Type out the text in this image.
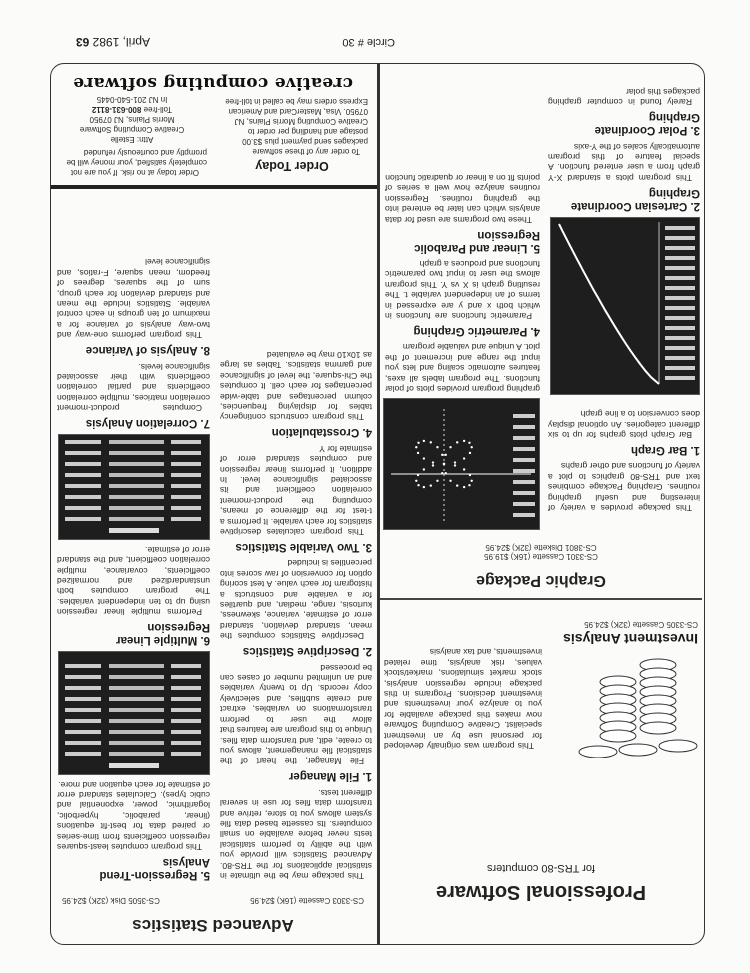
Professional Software
for TRS-80 computers
Investment Analysis
CS-3305 Cassette (32K) $24.95

This program was originally developed for personal use by an investment specialist. Creative Computing Software now makes this package available for you to analyze your investments and investment decisions. Programs in this package include regression analysis, stock market simulations, market/stock values, risk analysis, time related investments, and tax analysis

Graphic Package
CS-3301 Cassette (16K) $19.95
CS-3801 Diskette (32K) $24.95

This package provides a variety of interesting and useful graphing routines. Graphing Package combines text and TRS-80 graphics to plot a variety of functions and other graphs

1. Bar Graph

Bar Graph plots graphs for up to six different categories. An optional display does conversion to a line graph

2. Cartesian Coordinate Graphing

This program plots a standard X-Y graph from a user entered function. A special feature of this program automatically scales of the Y-axis

3. Polar Coordinate Graphing

Rarely found in computer graphing packages this polar

graphing program provides plots of polar functions. The program labels all axes, features automatic scaling and lets you input the range and increment of the plot. A unique and valuable program

4. Parametric Graphing

Parametric functions are functions in which both x and y are expressed in terms of an independent variable t. The resulting graph is X vs Y. This program allows the user to input two parametric functions and produces a graph

5. Linear and Parabolic Regression

These two programs are used for data analysis which can later be entered into the graphing routines. Regression routines analyze how well a series of points fit on a linear or quadratic function

Advanced Statistics
CS-3303 Cassette (16K) $24.95
CS-3505 Disk (32K) $24.95

This package may be the ultimate in statistical applications for the TRS-80. Advanced Statistics will provide you with the ability to perform statistical tests never before available on small computers. Its cassette based data file system allows you to store, retrive and transform data files for use in several different tests.

1. File Manager

File Manager, the heart of the statistical file management, allows you to create, edit, and transform data files. Unique to this program are features that allow the user to perform transformations on variables, extract and create subfiles, and selectively copy records. Up to twenty variables and an unlimited number of cases can be processed

2. Descriptive Statistics

Descriptive Statistics computes the mean, standard deviation, standard error of estimate, variance, skewness, kurtosis, range, median, and quartiles for a variable and constructs a histogram for each value. A test scoring option for conversion of raw scores into percentiles is included

3. Two Variable Statistics

This program calculates descriptive statistics for each variable. It performs a t-test for the difference of means, computing the product-moment correlation coefficient and its associated significance level. In addition, it performs linear regression and computes standard error of estimate for Y

4. Crosstabulation

This program constructs contingency tables for displaying frequencies, column percentages and table-wide percentages for each cell. It computes the Chi-square, the level of significance and gamma statistics. Tables as large as 10x10 may be evaluated

5. Regression-Trend Analysis

This program computes least-squares regression coefficients from time-series or paired data for best-fit equations (linear, parabolic, hyperbolic, logarithmic, power, exponential and cubic types). Calculates standard error of estimate for each equation and more.

6. Multiple Linear Regression

Performs multiple linear regression using up to ten independent variables. The program computes both unstandardized and normalized coefficients, covariance, multiple correlation coefficient, and the standard error of estimate.

7. Correlation Analysis

Computes product-moment correlation matrices, multiple correlation coefficients and partial correlation coefficients with their associated significance levels.

8. Analysis of Variance

This program performs one-way and two-way analysis of variance for a maximum of ten groups in each control variable. Statistics include the mean and standard deviation for each group, sum of the squares, degrees of freedom, mean square, F-ratios, and significance level

Order Today

To order any of these software packages send payment plus $3.00 postage and handling per order to Creative Computing Morris Plains, NJ 07950. Visa, MasterCard and American Express orders may be called in toll-free

Order today at no risk. If you are not completely satisfied, your money will be promptly and courteously refunded

Attn: Estelle
Creative Computing Software
Morris Plains, NJ 07950
Toll-free 800-631-8112
In NJ 201-540-0445
creative computing software
Circle # 30
April, 1982 63
